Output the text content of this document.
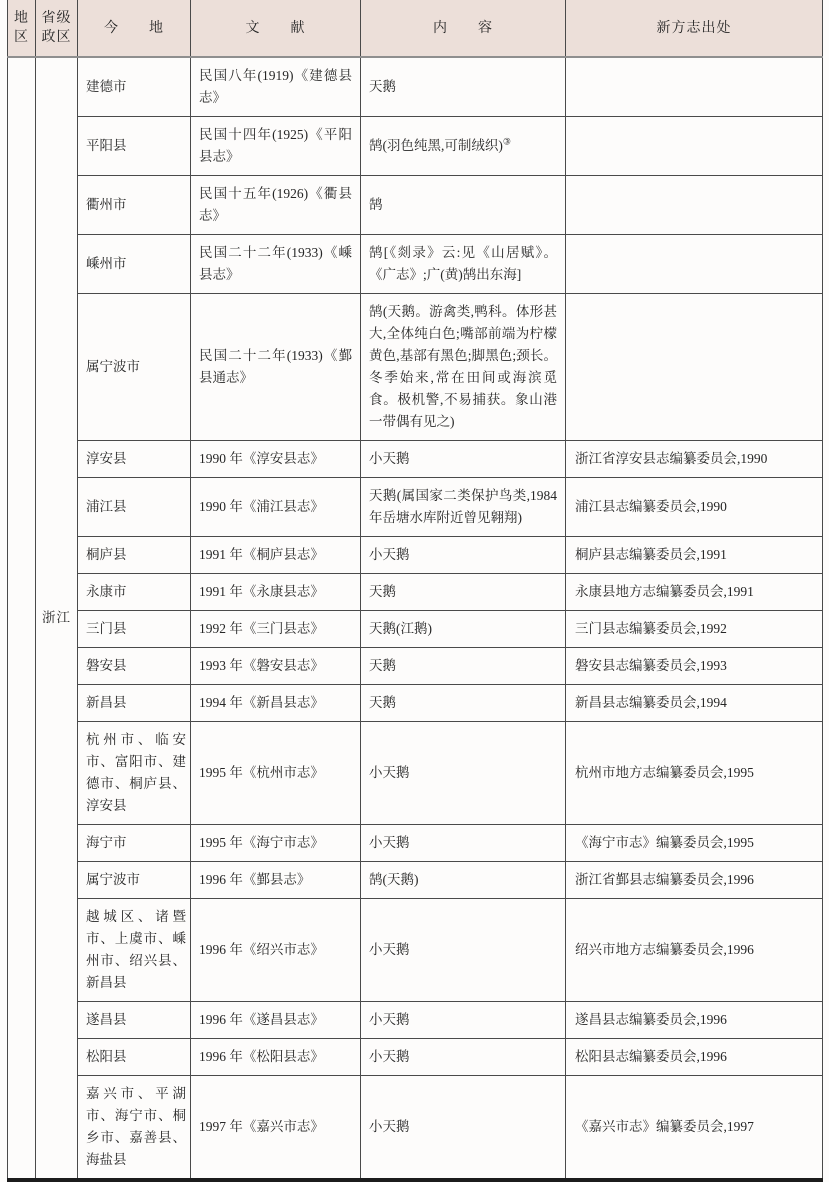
地区	省级政区	今　　地	文　　献	内　　容	新方志出处
	浙江	建德市	民国八年(1919)《建德县志》	天鹅	
		平阳县	民国十四年(1925)《平阳县志》	鹄(羽色纯黑,可制绒织)③	
		衢州市	民国十五年(1926)《衢县志》	鹄	
		嵊州市	民国二十二年(1933)《嵊县志》	鹄[《剡录》云:见《山居赋》。《广志》;广(黄)鹄出东海]	
		属宁波市	民国二十二年(1933)《鄞县通志》	鹄(天鹅。游禽类,鸭科。体形甚大,全体纯白色;嘴部前端为柠檬黄色,基部有黑色;脚黑色;颈长。冬季始来,常在田间或海滨觅食。极机警,不易捕获。象山港一带偶有见之)	
		淳安县	1990 年《淳安县志》	小天鹅	浙江省淳安县志编纂委员会,1990
		浦江县	1990 年《浦江县志》	天鹅(属国家二类保护鸟类,1984 年岳塘水库附近曾见翱翔)	浦江县志编纂委员会,1990
		桐庐县	1991 年《桐庐县志》	小天鹅	桐庐县志编纂委员会,1991
		永康市	1991 年《永康县志》	天鹅	永康县地方志编纂委员会,1991
		三门县	1992 年《三门县志》	天鹅(江鹅)	三门县志编纂委员会,1992
		磐安县	1993 年《磐安县志》	天鹅	磐安县志编纂委员会,1993
		新昌县	1994 年《新昌县志》	天鹅	新昌县志编纂委员会,1994
		杭州市、临安市、富阳市、建德市、桐庐县、淳安县	1995 年《杭州市志》	小天鹅	杭州市地方志编纂委员会,1995
		海宁市	1995 年《海宁市志》	小天鹅	《海宁市志》编纂委员会,1995
		属宁波市	1996 年《鄞县志》	鹄(天鹅)	浙江省鄞县志编纂委员会,1996
		越城区、诸暨市、上虞市、嵊州市、绍兴县、新昌县	1996 年《绍兴市志》	小天鹅	绍兴市地方志编纂委员会,1996
		遂昌县	1996 年《遂昌县志》	小天鹅	遂昌县志编纂委员会,1996
		松阳县	1996 年《松阳县志》	小天鹅	松阳县志编纂委员会,1996
		嘉兴市、平湖市、海宁市、桐乡市、嘉善县、海盐县	1997 年《嘉兴市志》	小天鹅	《嘉兴市志》编纂委员会,1997
